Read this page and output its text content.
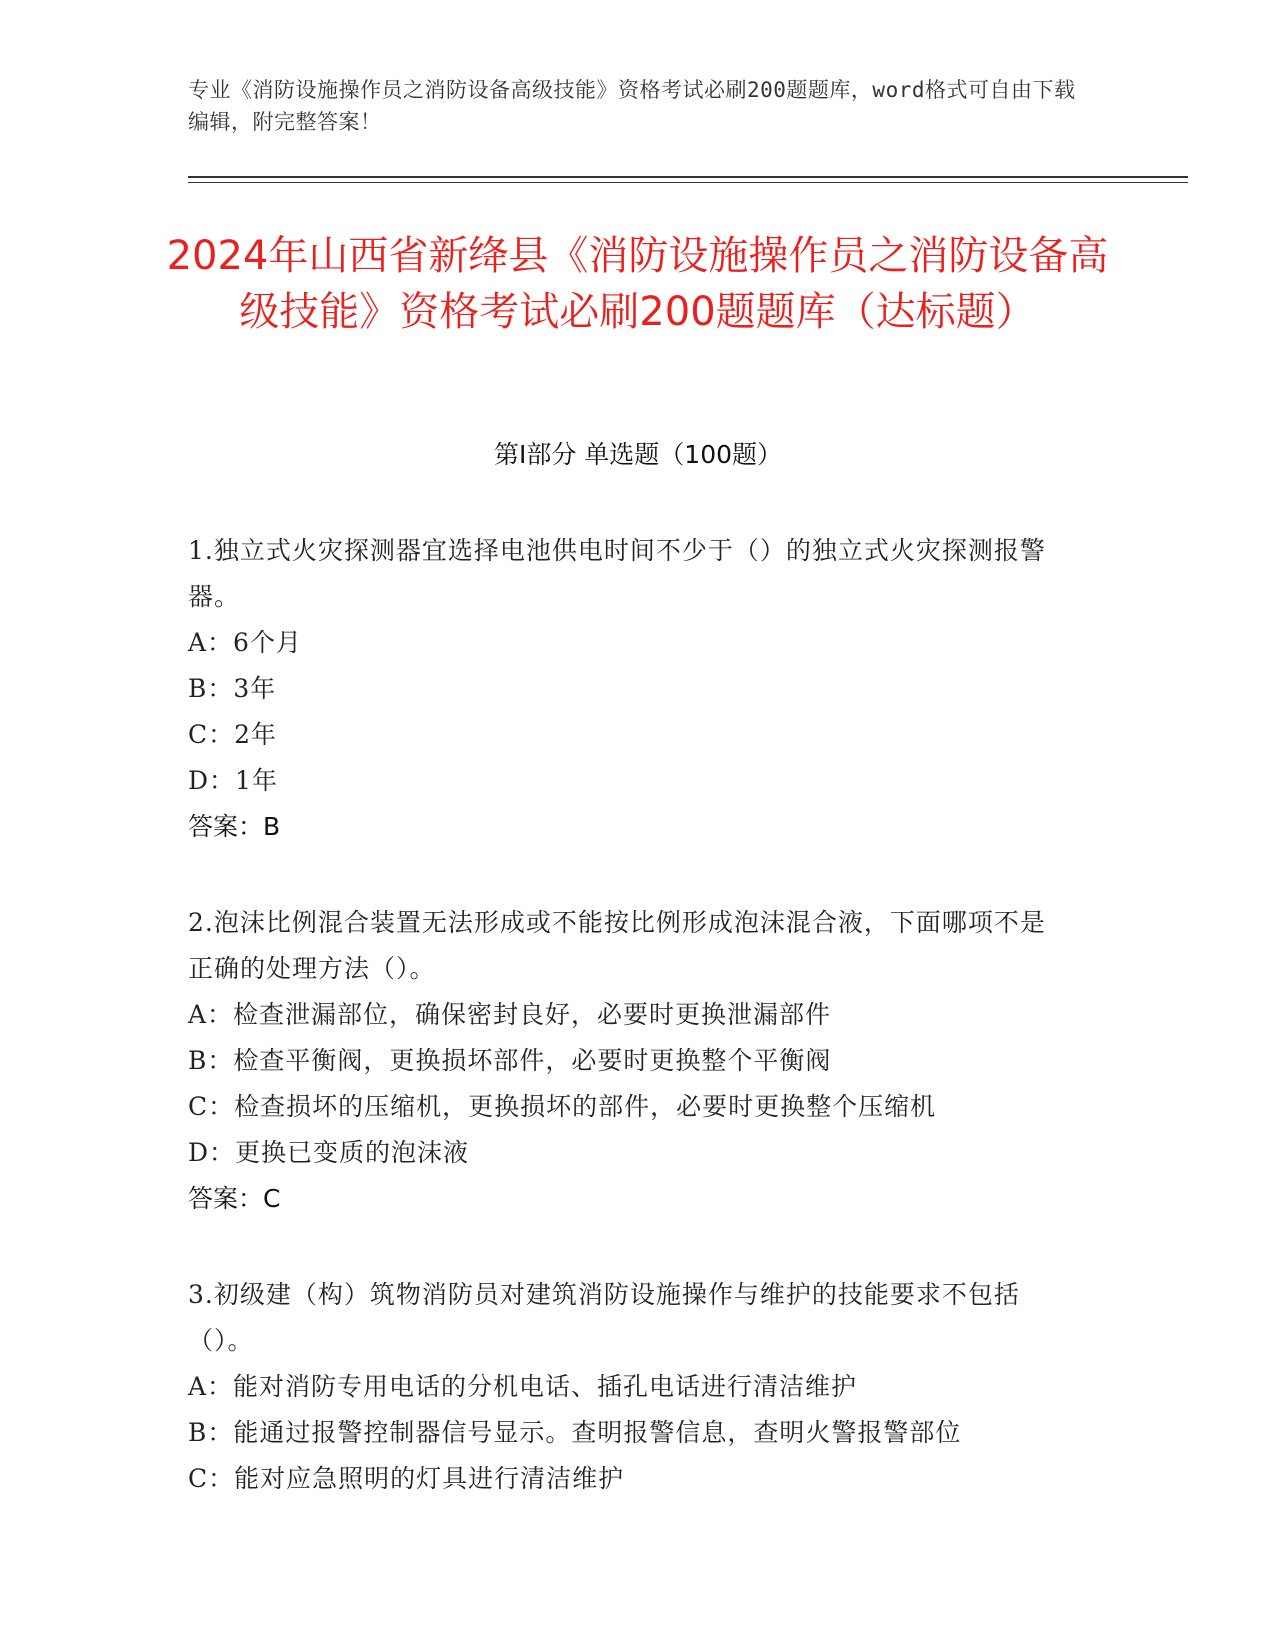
专业《消防设施操作员之消防设备高级技能》资格考试必刷200题题库，word格式可自由下载编辑，附完整答案！
2024年山西省新绛县《消防设施操作员之消防设备高级技能》资格考试必刷200题题库（达标题）
第I部分 单选题（100题）
1.独立式火灾探测器宜选择电池供电时间不少于（）的独立式火灾探测报警器。
A：6个月
B：3年
C：2年
D：1年
答案：B
2.泡沫比例混合装置无法形成或不能按比例形成泡沫混合液，下面哪项不是正确的处理方法（）。
A：检查泄漏部位，确保密封良好，必要时更换泄漏部件
B：检查平衡阀，更换损坏部件，必要时更换整个平衡阀
C：检查损坏的压缩机，更换损坏的部件，必要时更换整个压缩机
D：更换已变质的泡沫液
答案：C
3.初级建（构）筑物消防员对建筑消防设施操作与维护的技能要求不包括（）。
A：能对消防专用电话的分机电话、插孔电话进行清洁维护
B：能通过报警控制器信号显示。查明报警信息，查明火警报警部位
C：能对应急照明的灯具进行清洁维护
